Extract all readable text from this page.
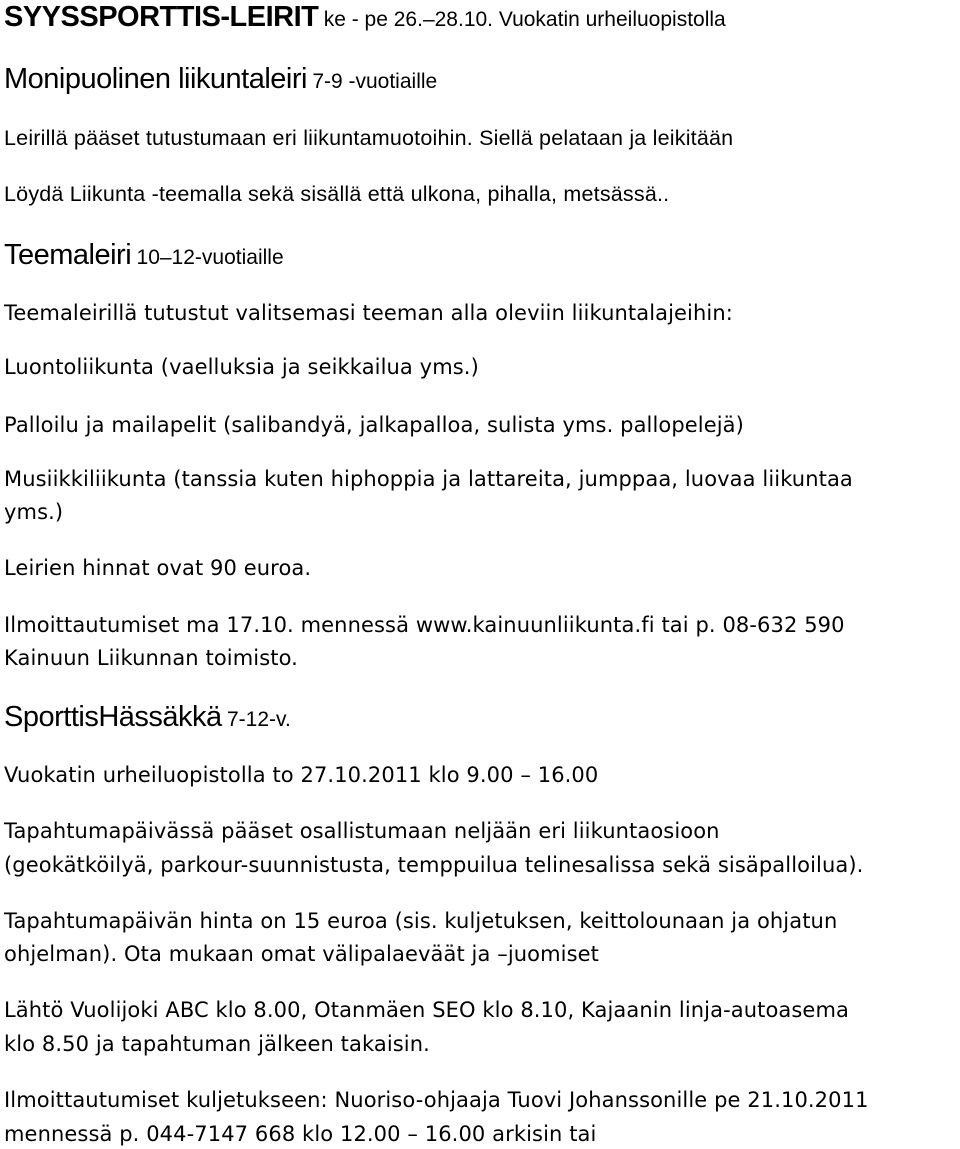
SYYSSPORTTIS-LEIRIT ke - pe 26.–28.10. Vuokatin urheiluopistolla
Monipuolinen liikuntaleiri 7-9 -vuotiaille
Leirillä pääset tutustumaan eri liikuntamuotoihin. Siellä pelataan ja leikitään
Löydä Liikunta -teemalla sekä sisällä että ulkona, pihalla, metsässä..
Teemaleiri 10–12-vuotiaille
Teemaleirillä tutustut valitsemasi teeman alla oleviin liikuntalajeihin:
Luontoliikunta (vaelluksia ja seikkailua yms.)
Palloilu ja mailapelit (salibandyä, jalkapalloa, sulista yms. pallopelejä)
Musiikkiliikunta (tanssia kuten hiphoppia ja lattareita, jumppaa, luovaa liikuntaa
yms.)
Leirien hinnat ovat 90 euroa.
Ilmoittautumiset ma 17.10. mennessä www.kainuunliikunta.fi tai p. 08-632 590
Kainuun Liikunnan toimisto.
SporttisHässäkkä 7-12-v.
Vuokatin urheiluopistolla to 27.10.2011 klo 9.00 – 16.00
Tapahtumapäivässä pääset osallistumaan neljään eri liikuntaosioon
(geokätköilyä, parkour-suunnistusta, temppuilua telinesalissa sekä sisäpalloilua).
Tapahtumapäivän hinta on 15 euroa (sis. kuljetuksen, keittolounaan ja ohjatun
ohjelman). Ota mukaan omat välipalaeväät ja –juomiset
Lähtö Vuolijoki ABC klo 8.00, Otanmäen SEO klo 8.10, Kajaanin linja-autoasema
klo 8.50 ja tapahtuman jälkeen takaisin.
Ilmoittautumiset kuljetukseen: Nuoriso-ohjaaja Tuovi Johanssonille pe 21.10.2011
mennessä p. 044-7147 668 klo 12.00 – 16.00 arkisin tai
